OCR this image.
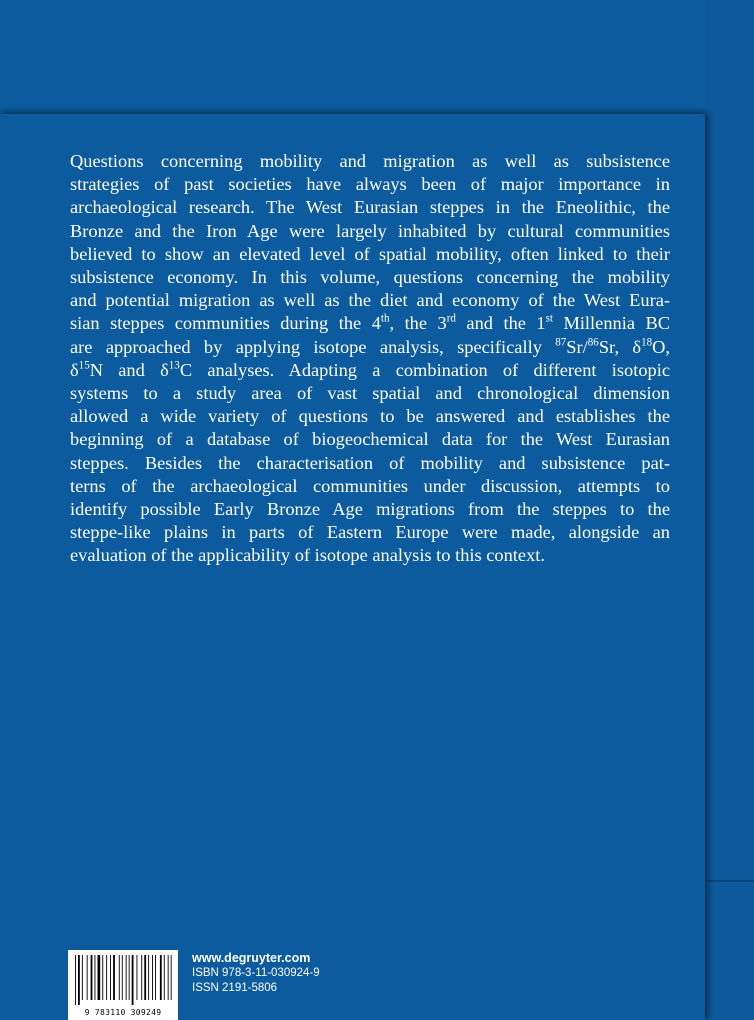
Questions concerning mobility and migration as well as subsistence
strategies of past societies have always been of major importance in
archaeological research. The West Eurasian steppes in the Eneolithic, the
Bronze and the Iron Age were largely inhabited by cultural communities
believed to show an elevated level of spatial mobility, often linked to their
subsistence economy. In this volume, questions concerning the mobility
and potential migration as well as the diet and economy of the West Eura-
sian steppes communities during the 4th, the 3rd and the 1st Millennia BC
are approached by applying isotope analysis, specifically $^{87}$Sr/$^{86}$Sr, $\delta^{18}O$,
$\delta^{15}N$ and $\delta^{13}C$ analyses. Adapting a combination of different isotopic
systems to a study area of vast spatial and chronological dimension
allowed a wide variety of questions to be answered and establishes the
beginning of a database of biogeochemical data for the West Eurasian
steppes. Besides the characterisation of mobility and subsistence pat-
terns of the archaeological communities under discussion, attempts to
identify possible Early Bronze Age migrations from the steppes to the
steppe-like plains in parts of Eastern Europe were made, alongside an
evaluation of the applicability of isotope analysis to this context.
9 783110 309249
www.degruyter.com
ISBN 978-3-11-030924-9
ISSN 2191-5806
